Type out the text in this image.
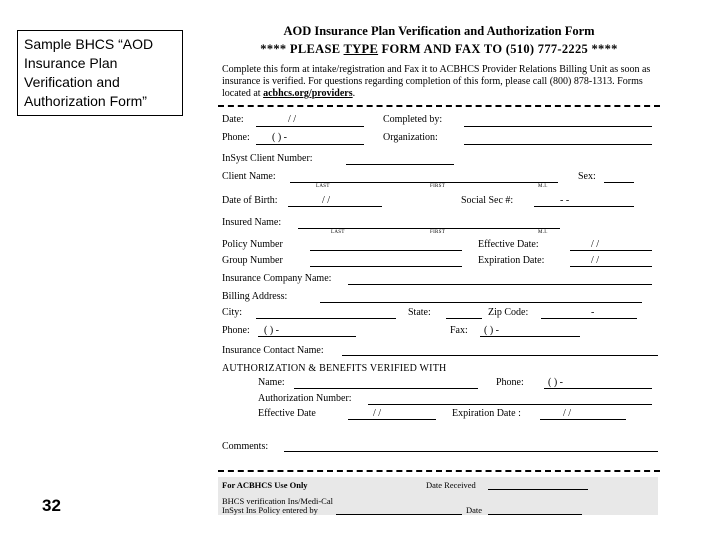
Sample BHCS “AOD Insurance Plan Verification and Authorization Form”
32
AOD Insurance Plan Verification and Authorization Form
**** PLEASE TYPE FORM AND FAX TO (510) 777-2225 ****
Complete this form at intake/registration and Fax it to ACBHCS Provider Relations Billing Unit as soon as insurance is verified. For questions regarding completion of this form, please call (800) 878-1313. Forms located at acbhcs.org/providers.
Date:	/ /	Completed by:
Phone: ( ) -	Organization:
InSyst Client Number:
Client Name:
LAST	FIRST	M.I.
Sex:
Date of Birth:	/ /	Social Sec #:	- -
Insured Name:
LAST	FIRST	M.I.
Policy Number	Effective Date:	/ /
Group Number	Expiration Date:	/ /
Insurance Company Name:
Billing Address:
City:	State:	Zip Code:	-
Phone: ( ) -	Fax: ( ) -
Insurance Contact Name:
AUTHORIZATION & BENEFITS VERIFIED WITH
Name:	Phone: ( ) -
Authorization Number:
Effective Date	/ /	Expiration Date :	/ /
Comments:
For ACBHCS Use Only	Date Received
BHCS verification Ins/Medi-Cal
InSyst Ins Policy entered by	Date
